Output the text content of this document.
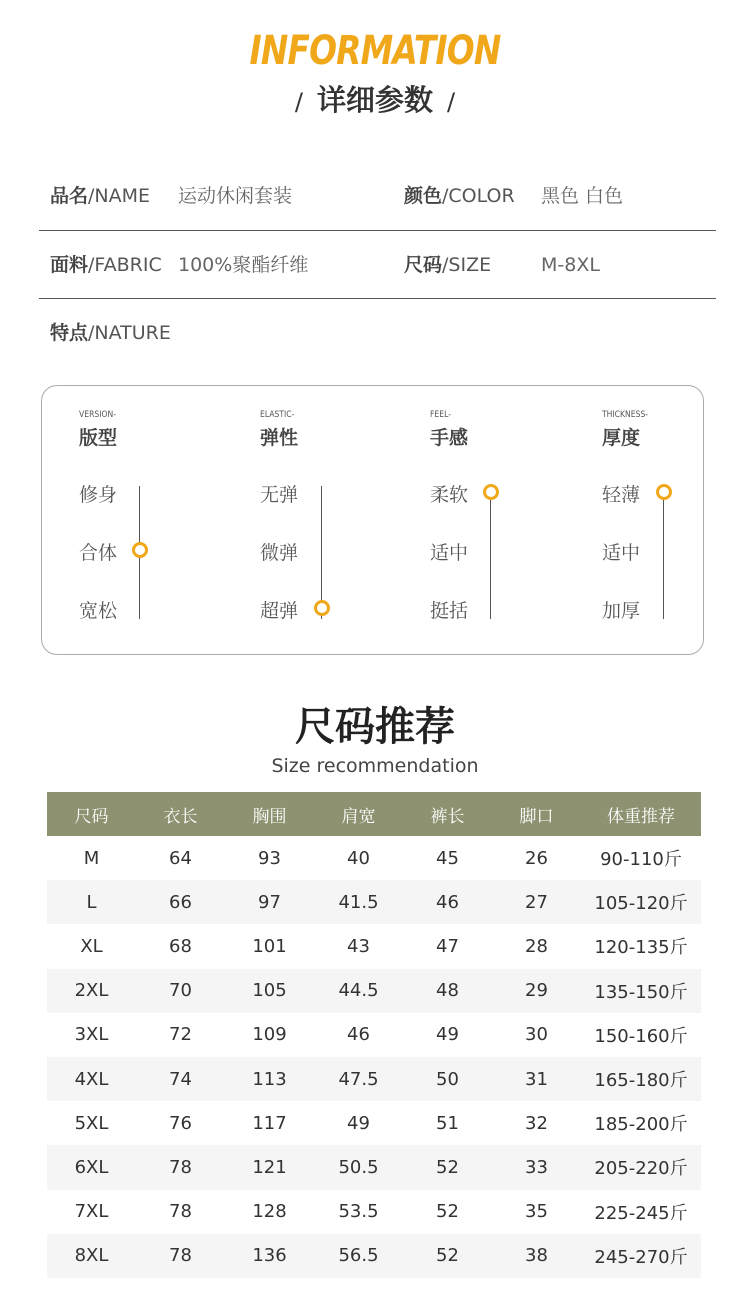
INFORMATION
/ 详细参数 /
品名/NAME 运动休闲套装	颜色/COLOR 黑色 白色
面料/FABRIC 100%聚酯纤维	尺码/SIZE	M-8XL
特点/NATURE
VERSION-
版型
修身
合体
宽松
ELASTIC-
弹性
无弹
微弹
超弹
FEEL-
手感
柔软
适中
挺括
THICKNESS-
厚度
轻薄
适中
加厚
尺码推荐
Size recommendation
尺码	衣长	胸围	肩宽	裤长	脚口	体重推荐
M	64	93	40	45	26	90-110斤
L	66	97	41.5	46	27	105-120斤
XL	68	101	43	47	28	120-135斤
2XL	70	105	44.5	48	29	135-150斤
3XL	72	109	46	49	30	150-160斤
4XL	74	113	47.5	50	31	165-180斤
5XL	76	117	49	51	32	185-200斤
6XL	78	121	50.5	52	33	205-220斤
7XL	78	128	53.5	52	35	225-245斤
8XL	78	136	56.5	52	38	245-270斤
